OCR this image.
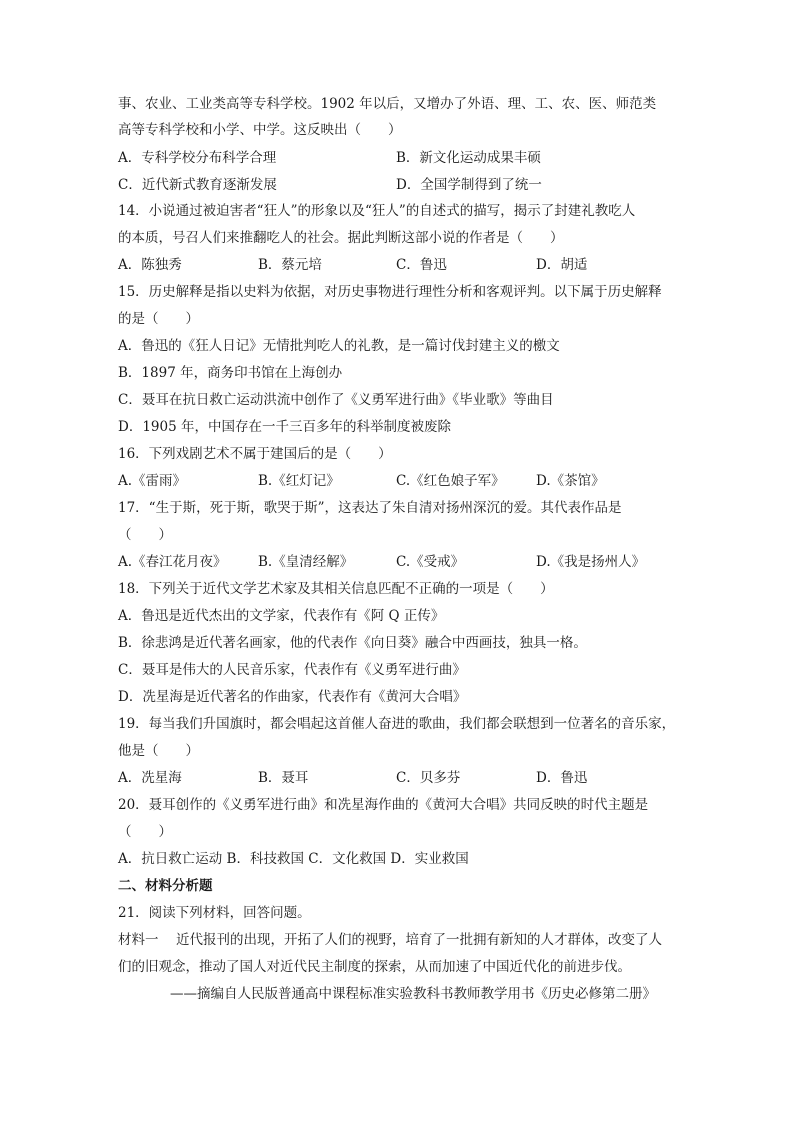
事、农业、工业类高等专科学校。1902 年以后，又增办了外语、理、工、农、医、师范类
高等专科学校和小学、中学。这反映出（　　）
A．专科学校分布科学合理	B．新文化运动成果丰硕
C．近代新式教育逐渐发展	D．全国学制得到了统一
14．小说通过被迫害者“狂人”的形象以及“狂人”的自述式的描写，揭示了封建礼教吃人
的本质，号召人们来推翻吃人的社会。据此判断这部小说的作者是（　　）
A．陈独秀	B．蔡元培	C．鲁迅	D．胡适
15．历史解释是指以史料为依据，对历史事物进行理性分析和客观评判。以下属于历史解释
的是（　　）
A．鲁迅的《狂人日记》无情批判吃人的礼教，是一篇讨伐封建主义的檄文
B．1897 年，商务印书馆在上海创办
C．聂耳在抗日救亡运动洪流中创作了《义勇军进行曲》《毕业歌》等曲目
D．1905 年，中国存在一千三百多年的科举制度被废除
16．下列戏剧艺术不属于建国后的是（　　）
A.《雷雨》	B.《红灯记》	C.《红色娘子军》 D.《茶馆》
17．“生于斯，死于斯，歌哭于斯”，这表达了朱自清对扬州深沉的爱。其代表作品是
（　　）
A.《春江花月夜》 B.《皇清经解》	C.《受戒》	D.《我是扬州人》
18．下列关于近代文学艺术家及其相关信息匹配不正确的一项是（　　）
A．鲁迅是近代杰出的文学家，代表作有《阿 Q 正传》
B．徐悲鸿是近代著名画家，他的代表作《向日葵》融合中西画技，独具一格。
C．聂耳是伟大的人民音乐家，代表作有《义勇军进行曲》
D．冼星海是近代著名的作曲家，代表作有《黄河大合唱》
19．每当我们升国旗时，都会唱起这首催人奋进的歌曲，我们都会联想到一位著名的音乐家，
他是（　　）
A．冼星海	B．聂耳	C．贝多芬	D．鲁迅
20．聂耳创作的《义勇军进行曲》和冼星海作曲的《黄河大合唱》共同反映的时代主题是
（　　）
A．抗日救亡运动 B．科技救国 C．文化救国 D．实业救国
二、材料分析题
21．阅读下列材料，回答问题。
材料一 近代报刊的出现，开拓了人们的视野，培育了一批拥有新知的人才群体，改变了人
们的旧观念，推动了国人对近代民主制度的探索，从而加速了中国近代化的前进步伐。
——摘编自人民版普通高中课程标准实验教科书教师教学用书《历史必修第二册》
